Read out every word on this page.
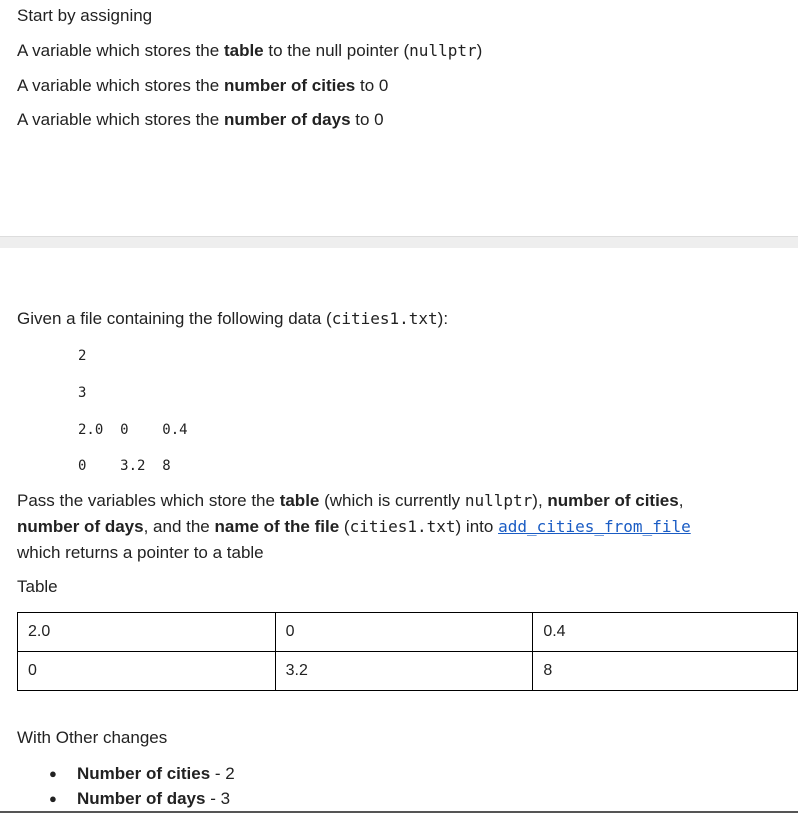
Start by assigning
A variable which stores the table to the null pointer (nullptr)
A variable which stores the number of cities to 0
A variable which stores the number of days to 0
Given a file containing the following data (cities1.txt):
2
3
2.0  0    0.4
0    3.2  8
Pass the variables which store the table (which is currently nullptr), number of cities,
number of days, and the name of the file (cities1.txt) into add_cities_from_file
which returns a pointer to a table
Table
2.0	0	0.4
0	3.2	8
With Other changes
● Number of cities - 2
● Number of days - 3
